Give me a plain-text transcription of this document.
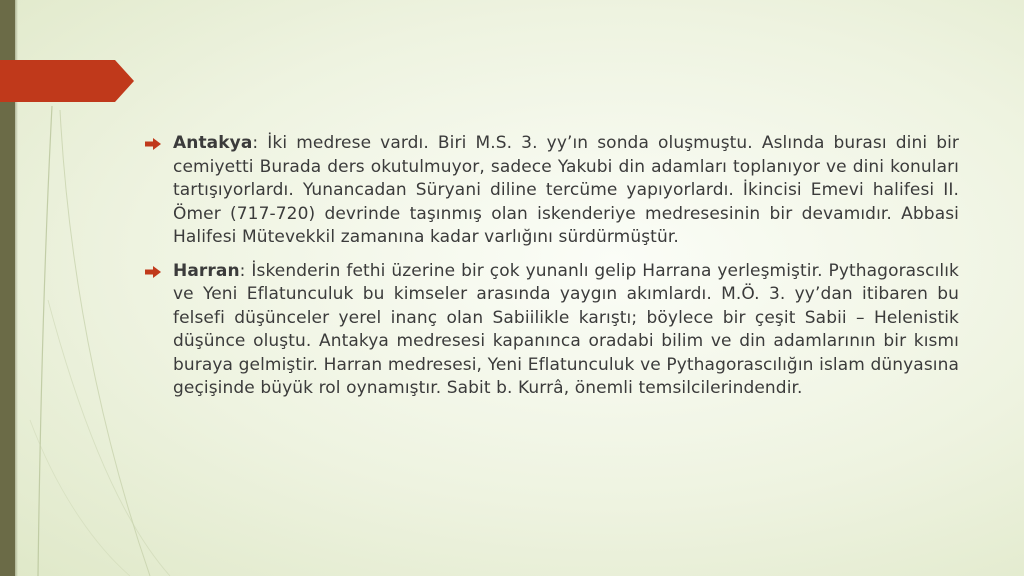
Antakya: İki medrese vardı. Biri M.S. 3. yy’ın sonda oluşmuştu. Aslında burası dini bir cemiyetti Burada ders okutulmuyor, sadece Yakubi din adamları toplanıyor ve dini konuları tartışıyorlardı. Yunancadan Süryani diline tercüme yapıyorlardı. İkincisi Emevi halifesi II. Ömer (717-720) devrinde taşınmış olan iskenderiye medresesinin bir devamıdır. Abbasi Halifesi Mütevekkil zamanına kadar varlığını sürdürmüştür.

Harran: İskenderin fethi üzerine bir çok yunanlı gelip Harrana yerleşmiştir. Pythagorascılık ve Yeni Eflatunculuk bu kimseler arasında yaygın akımlardı. M.Ö. 3. yy’dan itibaren bu felsefi düşünceler yerel inanç olan Sabiilikle karıştı; böylece bir çeşit Sabii – Helenistik düşünce oluştu. Antakya medresesi kapanınca oradabi bilim ve din adamlarının bir kısmı buraya gelmiştir. Harran medresesi, Yeni Eflatunculuk ve Pythagorascılığın islam dünyasına geçişinde büyük rol oynamıştır. Sabit b. Kurrâ, önemli temsilcilerindendir.
